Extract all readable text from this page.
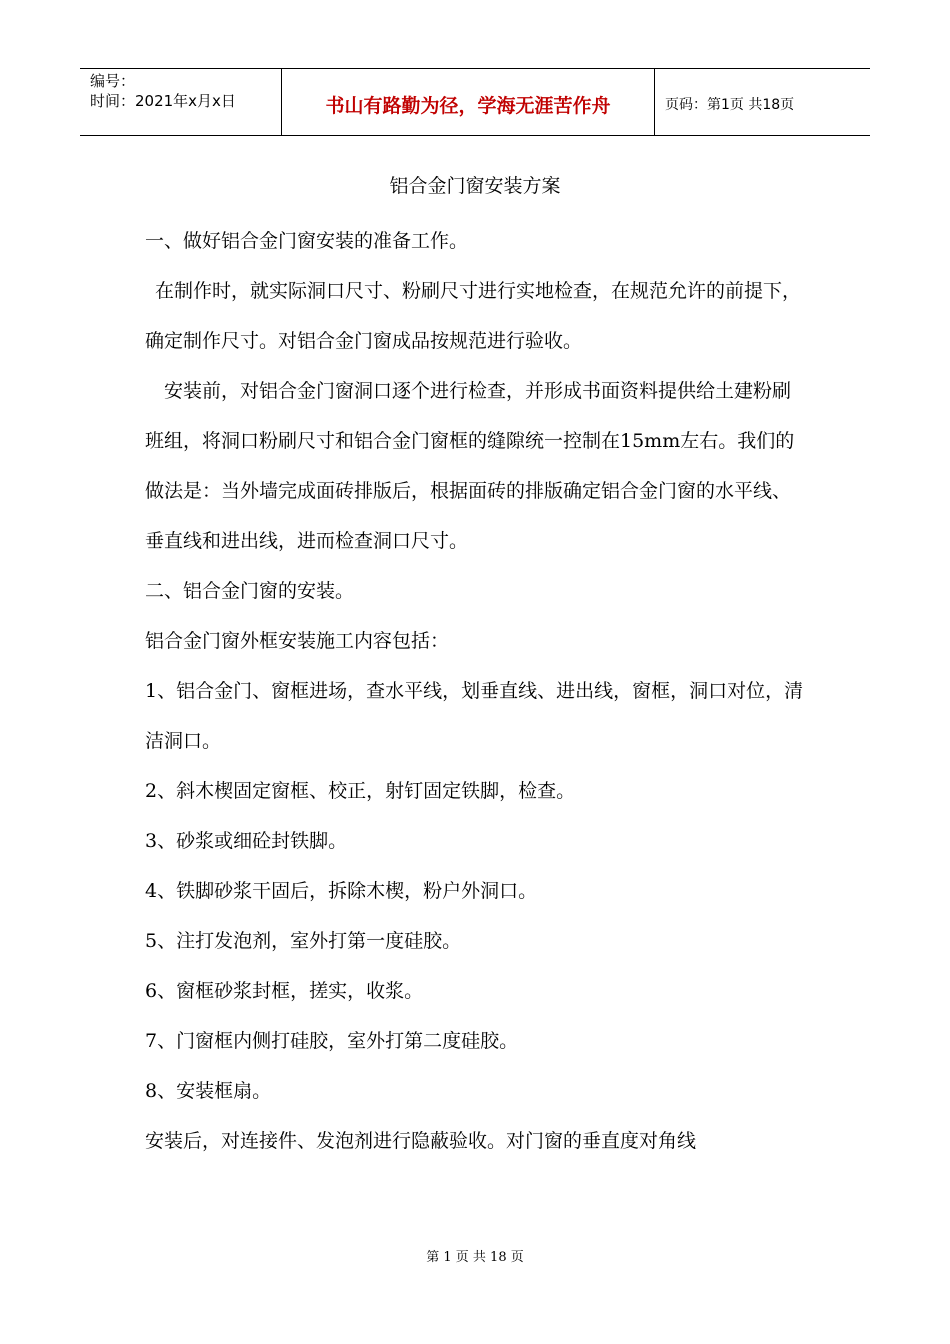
编号：
时间：2021年x月x日	书山有路勤为径，学海无涯苦作舟	页码：第1页 共18页
铝合金门窗安装方案

一、做好铝合金门窗安装的准备工作。

在制作时，就实际洞口尺寸、粉刷尺寸进行实地检查，在规范允许的前提下，确定制作尺寸。对铝合金门窗成品按规范进行验收。

安装前，对铝合金门窗洞口逐个进行检查，并形成书面资料提供给土建粉刷班组，将洞口粉刷尺寸和铝合金门窗框的缝隙统一控制在15mm左右。我们的做法是：当外墙完成面砖排版后，根据面砖的排版确定铝合金门窗的水平线、垂直线和进出线，进而检查洞口尺寸。

二、铝合金门窗的安装。

铝合金门窗外框安装施工内容包括：

1、铝合金门、窗框进场，查水平线，划垂直线、进出线，窗框，洞口对位，清洁洞口。

2、斜木楔固定窗框、校正，射钉固定铁脚，检查。

3、砂浆或细砼封铁脚。

4、铁脚砂浆干固后，拆除木楔，粉户外洞口。

5、注打发泡剂，室外打第一度硅胶。

6、窗框砂浆封框，搓实，收浆。

7、门窗框内侧打硅胶，室外打第二度硅胶。

8、安装框扇。

安装后，对连接件、发泡剂进行隐蔽验收。对门窗的垂直度对角线

第 1 页 共 18 页
